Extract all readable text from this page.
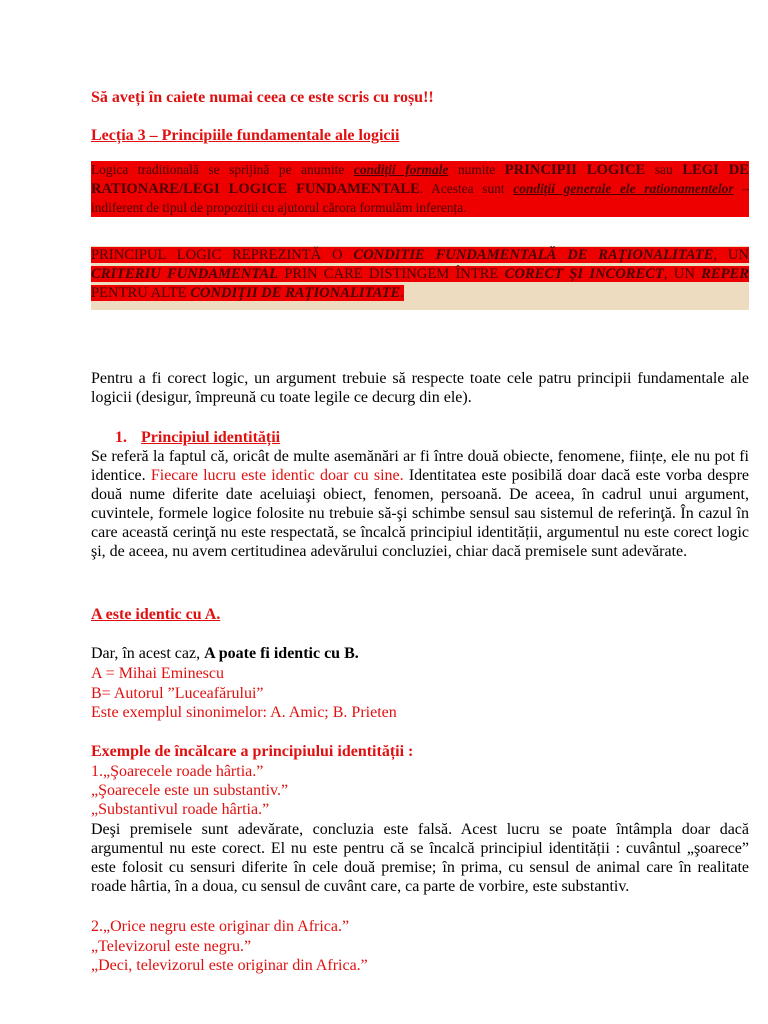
Să aveți în caiete numai ceea ce este scris cu roșu!!
Lecția 3 – Principiile fundamentale ale logicii
Logica traditională se sprijină pe anumite condiții formale numite PRINCIPII LOGICE sau LEGI DE RATIONARE/LEGI LOGICE FUNDAMENTALE. Acestea sunt condiții generale ele rationamentelor – indiferent de tipul de propoziții cu ajutorul cărora formulăm inferența.
PRINCIPUL LOGIC REPREZINTĂ O CONDITIE FUNDAMENTALĂ DE RAȚIONALITATE, UN CRITERIU FUNDAMENTAL PRIN CARE DISTINGEM ÎNTRE CORECT ȘI INCORECT, UN REPER PENTRU ALTE CONDIȚII DE RAȚIONALITATE.
Pentru a fi corect logic, un argument trebuie să respecte toate cele patru principii fundamentale ale logicii (desigur, împreună cu toate legile ce decurg din ele).
1. Principiul identității
Se referă la faptul că, oricât de multe asemănări ar fi între două obiecte, fenomene, ființe, ele nu pot fi identice. Fiecare lucru este identic doar cu sine. Identitatea este posibilă doar dacă este vorba despre două nume diferite date aceluiaşi obiect, fenomen, persoană. De aceea, în cadrul unui argument, cuvintele, formele logice folosite nu trebuie să-şi schimbe sensul sau sistemul de referinţă. În cazul în care această cerinţă nu este respectată, se încalcă principiul identității, argumentul nu este corect logic şi, de aceea, nu avem certitudinea adevărului concluziei, chiar dacă premisele sunt adevărate.
A este identic cu A.
Dar, în acest caz, A poate fi identic cu B.
A = Mihai Eminescu
B= Autorul ”Luceafărului”
Este exemplul sinonimelor: A. Amic; B. Prieten
Exemple de încălcare a principiului identității :
1.„Şoarecele roade hârtia.”
„Şoarecele este un substantiv.”
„Substantivul roade hârtia.”
Deşi premisele sunt adevărate, concluzia este falsă. Acest lucru se poate întâmpla doar dacă argumentul nu este corect. El nu este pentru că se încalcă principiul identității : cuvântul „şoarece” este folosit cu sensuri diferite în cele două premise; în prima, cu sensul de animal care în realitate roade hârtia, în a doua, cu sensul de cuvânt care, ca parte de vorbire, este substantiv.
2.„Orice negru este originar din Africa.”
„Televizorul este negru.”
„Deci, televizorul este originar din Africa.”
